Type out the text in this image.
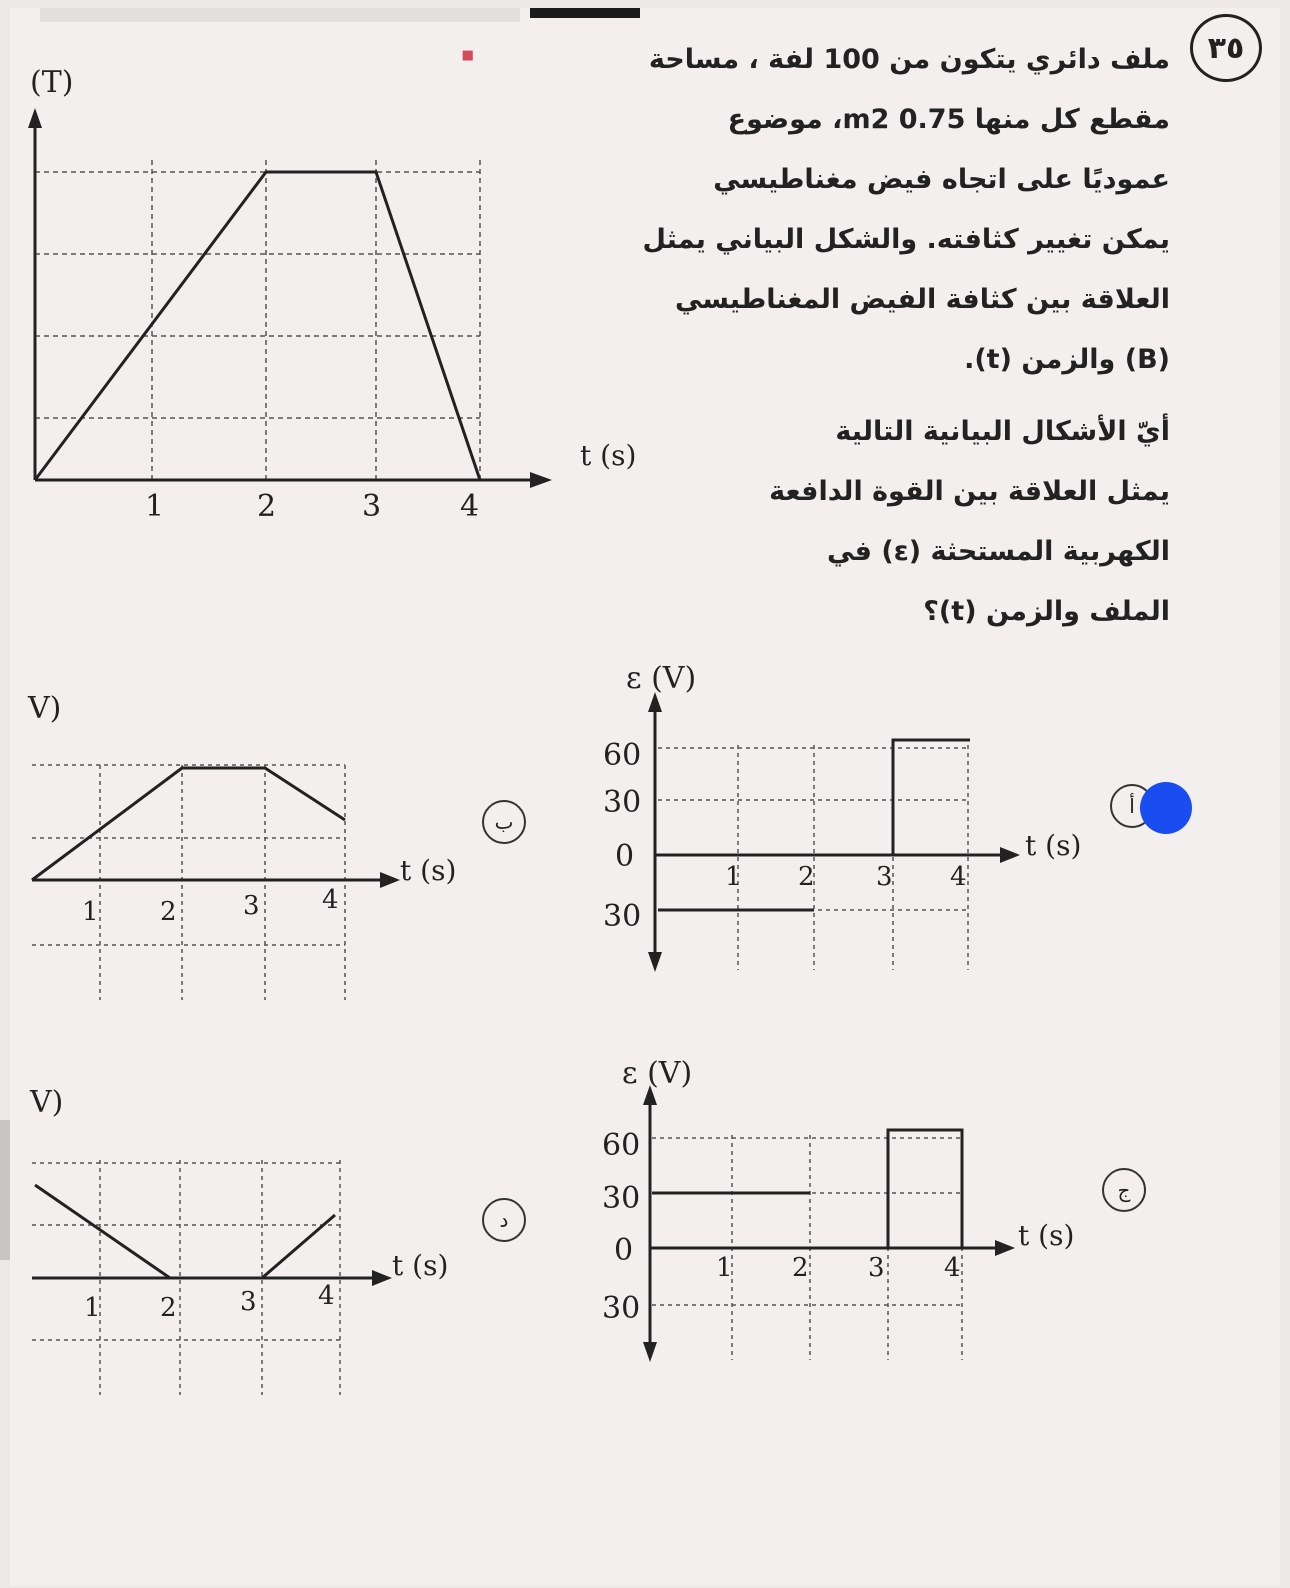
٣٥
٠	ملف دائري يتكون من 100 لفة ، مساحة
مقطع كل منها 0.75 m2، موضوع
عموديًا على اتجاه فيض مغناطيسي
يمكن تغيير كثافته. والشكل البياني يمثل
العلاقة بين كثافة الفيض المغناطيسي
(B) والزمن (t).
أيّ الأشكال البيانية التالية
يمثل العلاقة بين القوة الدافعة
الكهربية المستحثة (ε) في
الملف والزمن (t)؟
(T)
t (s)
1	2	3	4
ε (V)
t (s)
60
30
0
30
1 2 3 4
أ
V)
t (s)
1 2	3 4
ب
ε (V)
t (s)
60
30
0
30
1 2 3 4
ج
V)
t (s)
1 2 3 4
د
